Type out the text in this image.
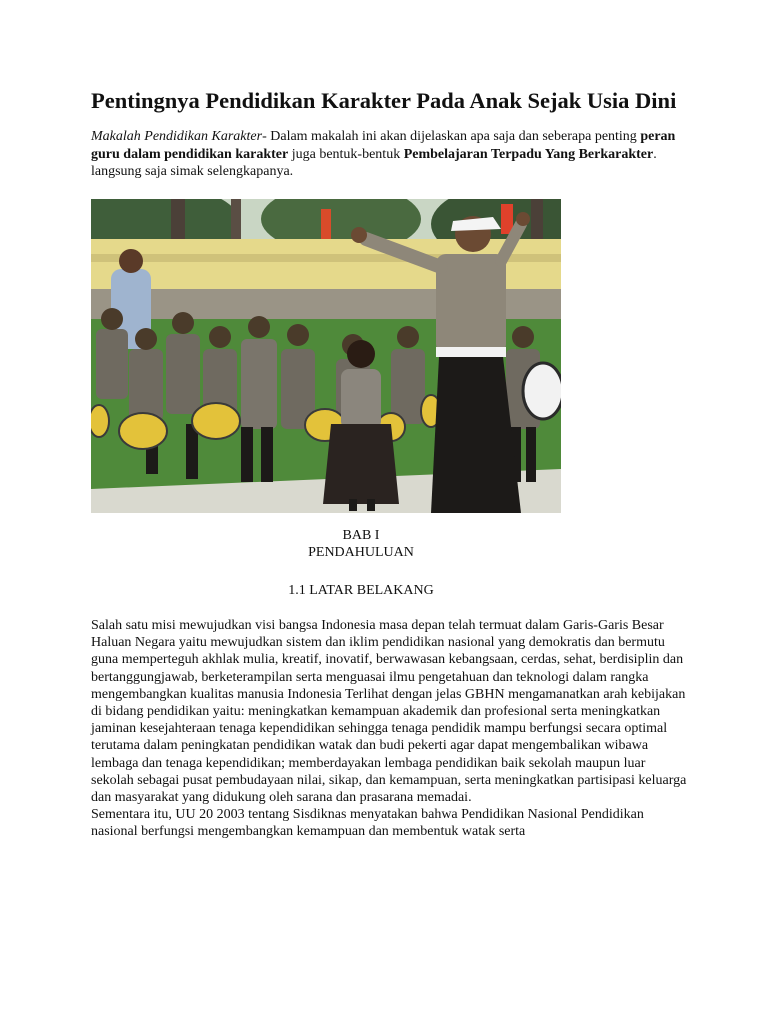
Pentingnya Pendidikan Karakter Pada Anak Sejak Usia Dini

Makalah Pendidikan Karakter- Dalam makalah ini akan dijelaskan apa saja dan seberapa penting peran guru dalam pendidikan karakter juga bentuk-bentuk Pembelajaran Terpadu Yang Berkarakter. langsung saja simak selengkapanya.

BAB I
PENDAHULUAN
1.1 LATAR BELAKANG

Salah satu misi mewujudkan visi bangsa Indonesia masa depan telah termuat dalam Garis-Garis Besar Haluan Negara yaitu mewujudkan sistem dan iklim pendidikan nasional yang demokratis dan bermutu guna memperteguh akhlak mulia, kreatif, inovatif, berwawasan kebangsaan, cerdas, sehat, berdisiplin dan bertanggungjawab, berketerampilan serta menguasai ilmu pengetahuan dan teknologi dalam rangka mengembangkan kualitas manusia Indonesia Terlihat dengan jelas GBHN mengamanatkan arah kebijakan di bidang pendidikan yaitu: meningkatkan kemampuan akademik dan profesional serta meningkatkan jaminan kesejahteraan tenaga kependidikan sehingga tenaga pendidik mampu berfungsi secara optimal terutama dalam peningkatan pendidikan watak dan budi pekerti agar dapat mengembalikan wibawa lembaga dan tenaga kependidikan; memberdayakan lembaga pendidikan baik sekolah maupun luar sekolah sebagai pusat pembudayaan nilai, sikap, dan kemampuan, serta meningkatkan partisipasi keluarga dan masyarakat yang didukung oleh sarana dan prasarana memadai.

Sementara itu, UU 20 2003 tentang Sisdiknas menyatakan bahwa Pendidikan Nasional Pendidikan nasional berfungsi mengembangkan kemampuan dan membentuk watak serta
